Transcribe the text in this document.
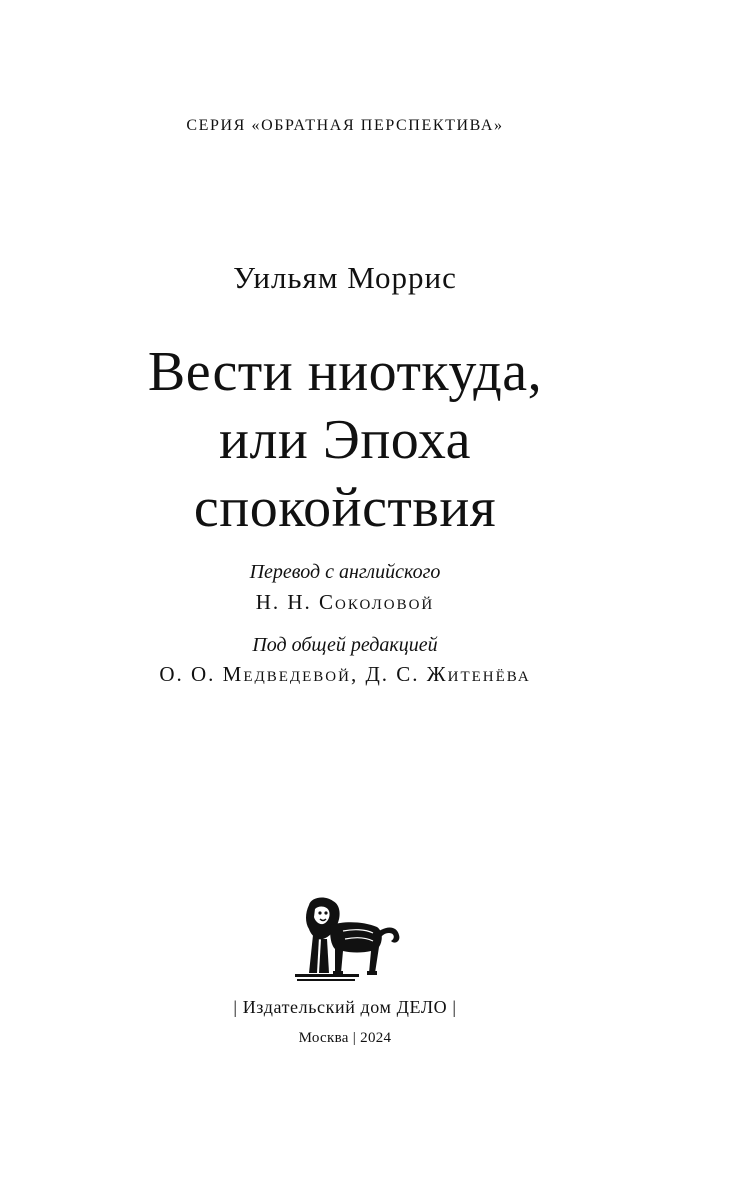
СЕРИЯ «ОБРАТНАЯ ПЕРСПЕКТИВА»
Уильям Моррис
Вести ниоткуда,
или Эпоха
спокойствия
Перевод с английского
Н. Н. Соколовой
Под общей редакцией
О. О. Медведевой, Д. С. Житенёва
| Издательский дом ДЕЛО |
Москва | 2024
